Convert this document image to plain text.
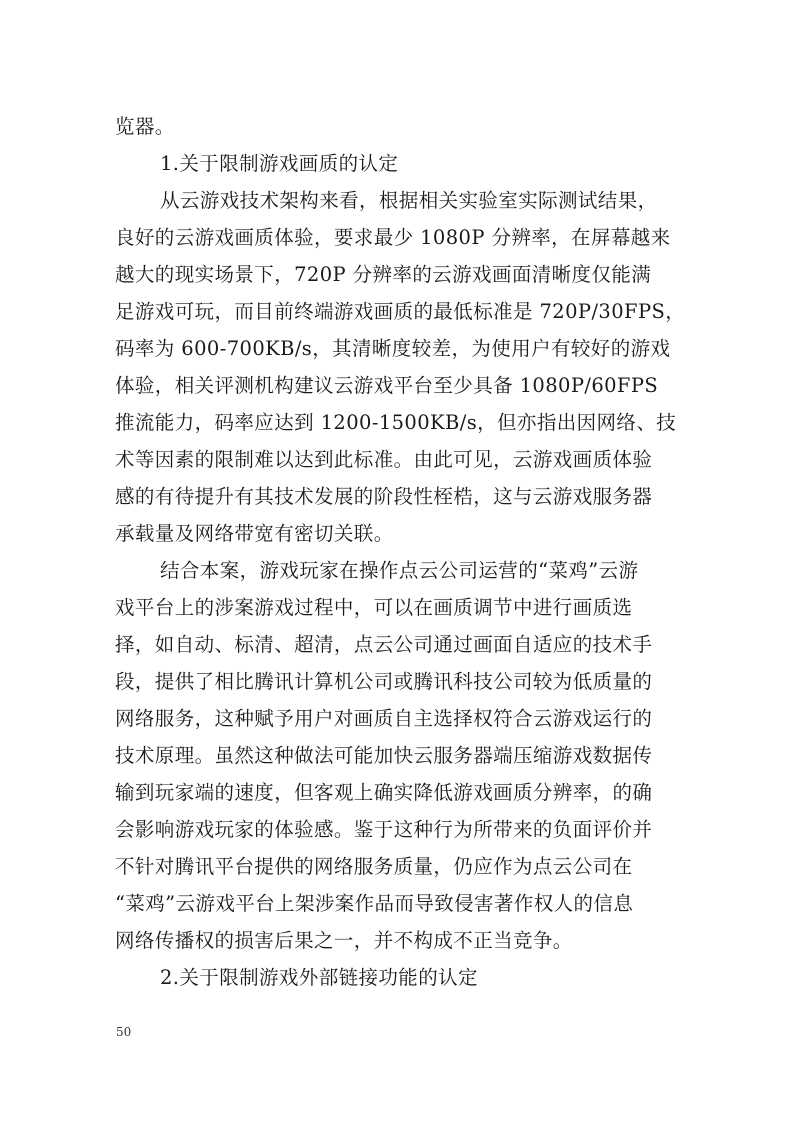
览器。
1.关于限制游戏画质的认定
从云游戏技术架构来看，根据相关实验室实际测试结果，
良好的云游戏画质体验，要求最少 1080P 分辨率，在屏幕越来
越大的现实场景下，720P 分辨率的云游戏画面清晰度仅能满
足游戏可玩，而目前终端游戏画质的最低标准是 720P/30FPS，
码率为 600-700KB/s，其清晰度较差，为使用户有较好的游戏
体验，相关评测机构建议云游戏平台至少具备 1080P/60FPS
推流能力，码率应达到 1200-1500KB/s，但亦指出因网络、技
术等因素的限制难以达到此标准。由此可见，云游戏画质体验
感的有待提升有其技术发展的阶段性桎梏，这与云游戏服务器
承载量及网络带宽有密切关联。
结合本案，游戏玩家在操作点云公司运营的“菜鸡”云游
戏平台上的涉案游戏过程中，可以在画质调节中进行画质选
择，如自动、标清、超清，点云公司通过画面自适应的技术手
段，提供了相比腾讯计算机公司或腾讯科技公司较为低质量的
网络服务，这种赋予用户对画质自主选择权符合云游戏运行的
技术原理。虽然这种做法可能加快云服务器端压缩游戏数据传
输到玩家端的速度，但客观上确实降低游戏画质分辨率，的确
会影响游戏玩家的体验感。鉴于这种行为所带来的负面评价并
不针对腾讯平台提供的网络服务质量，仍应作为点云公司在
“菜鸡”云游戏平台上架涉案作品而导致侵害著作权人的信息
网络传播权的损害后果之一，并不构成不正当竞争。
2.关于限制游戏外部链接功能的认定
50
